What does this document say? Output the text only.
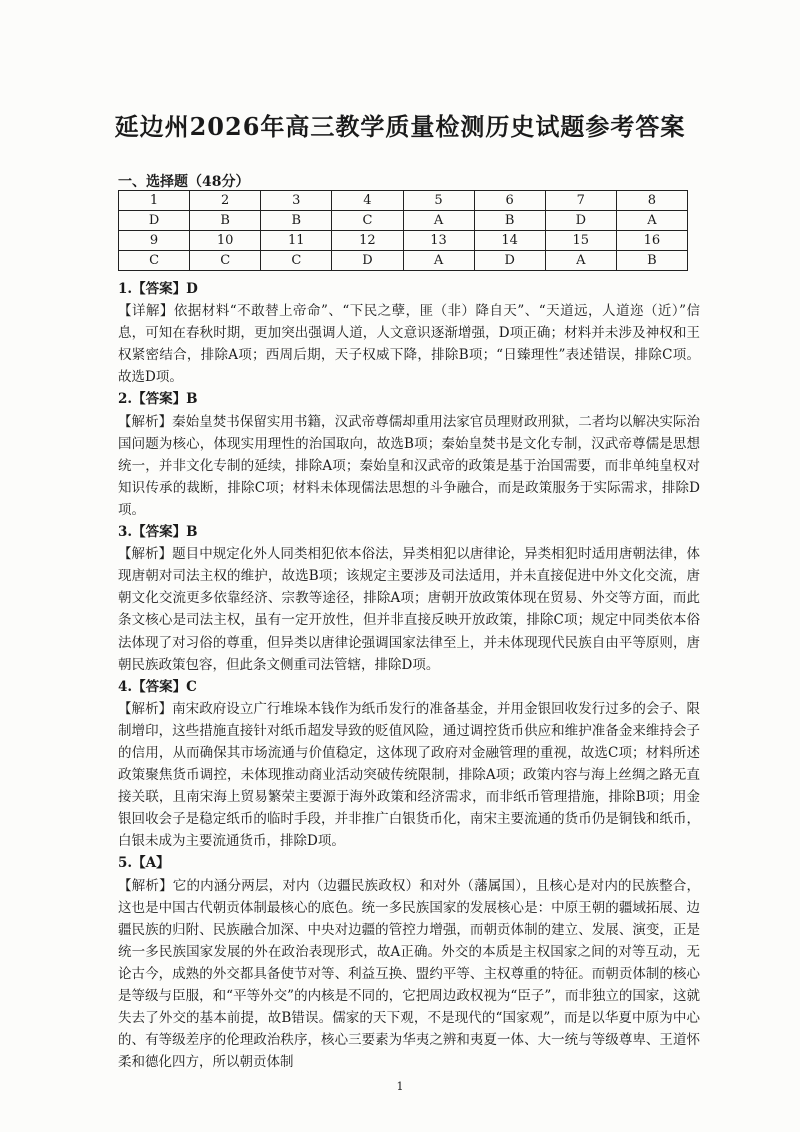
延边州2026年高三教学质量检测历史试题参考答案
一、选择题（48分）
1	2	3	4	5	6	7	8
D	B	B	C	A	B	D	A
9	10	11	12	13	14	15	16
C	C	C	D	A	D	A	B

1.【答案】D

【详解】依据材料“不敢替上帝命”、“下民之孽，匪（非）降自天”、“天道远，人道迩（近）”信息，可知在春秋时期，更加突出强调人道，人文意识逐渐增强，D项正确；材料并未涉及神权和王权紧密结合，排除A项；西周后期，天子权威下降，排除B项；“日臻理性”表述错误，排除C项。故选D项。

2.【答案】B

【解析】秦始皇焚书保留实用书籍，汉武帝尊儒却重用法家官员理财政刑狱，二者均以解决实际治国问题为核心，体现实用理性的治国取向，故选B项；秦始皇焚书是文化专制，汉武帝尊儒是思想统一，并非文化专制的延续，排除A项；秦始皇和汉武帝的政策是基于治国需要，而非单纯皇权对知识传承的裁断，排除C项；材料未体现儒法思想的斗争融合，而是政策服务于实际需求，排除D项。

3.【答案】B

【解析】题目中规定化外人同类相犯依本俗法，异类相犯以唐律论，异类相犯时适用唐朝法律，体现唐朝对司法主权的维护，故选B项；该规定主要涉及司法适用，并未直接促进中外文化交流，唐朝文化交流更多依靠经济、宗教等途径，排除A项；唐朝开放政策体现在贸易、外交等方面，而此条文核心是司法主权，虽有一定开放性，但并非直接反映开放政策，排除C项；规定中同类依本俗法体现了对习俗的尊重，但异类以唐律论强调国家法律至上，并未体现现代民族自由平等原则，唐朝民族政策包容，但此条文侧重司法管辖，排除D项。

4.【答案】C

【解析】南宋政府设立广行堆垛本钱作为纸币发行的准备基金，并用金银回收发行过多的会子、限制增印，这些措施直接针对纸币超发导致的贬值风险，通过调控货币供应和维护准备金来维持会子的信用，从而确保其市场流通与价值稳定，这体现了政府对金融管理的重视，故选C项；材料所述政策聚焦货币调控，未体现推动商业活动突破传统限制，排除A项；政策内容与海上丝绸之路无直接关联，且南宋海上贸易繁荣主要源于海外政策和经济需求，而非纸币管理措施，排除B项；用金银回收会子是稳定纸币的临时手段，并非推广白银货币化，南宋主要流通的货币仍是铜钱和纸币，白银未成为主要流通货币，排除D项。

5.【A】

【解析】它的内涵分两层，对内（边疆民族政权）和对外（藩属国），且核心是对内的民族整合，这也是中国古代朝贡体制最核心的底色。统一多民族国家的发展核心是：中原王朝的疆域拓展、边疆民族的归附、民族融合加深、中央对边疆的管控力增强，而朝贡体制的建立、发展、演变，正是统一多民族国家发展的外在政治表现形式，故A正确。外交的本质是主权国家之间的对等互动，无论古今，成熟的外交都具备使节对等、利益互换、盟约平等、主权尊重的特征。而朝贡体制的核心是等级与臣服，和“平等外交”的内核是不同的，它把周边政权视为“臣子”，而非独立的国家，这就失去了外交的基本前提，故B错误。儒家的天下观，不是现代的“国家观”，而是以华夏中原为中心的、有等级差序的伦理政治秩序，核心三要素为华夷之辨和夷夏一体、大一统与等级尊卑、王道怀柔和德化四方，所以朝贡体制

1
